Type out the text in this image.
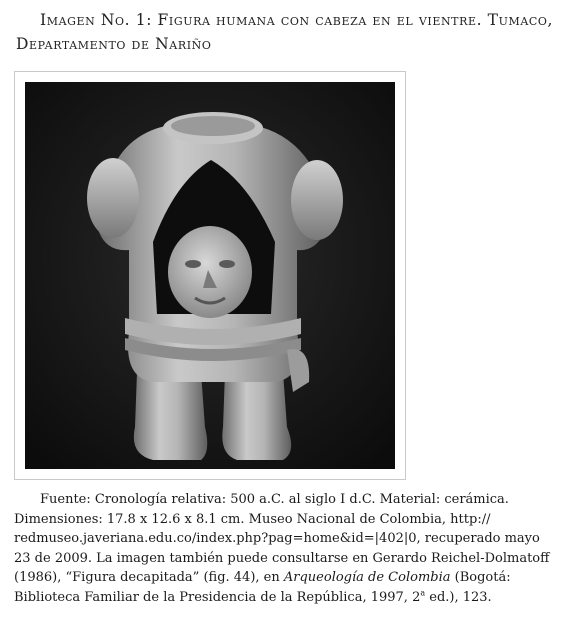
Imagen No. 1: Figura humana con cabeza en el vientre. Tumaco,
Departamento de Nariño
Fuente: Cronología relativa: 500 a.C. al siglo I d.C. Material: cerámica.
Dimensiones: 17.8 x 12.6 x 8.1 cm. Museo Nacional de Colombia, http://
redmuseo.javeriana.edu.co/index.php?pag=home&id=|402|0, recuperado mayo
23 de 2009. La imagen también puede consultarse en Gerardo Reichel-Dolmatoff
(1986), “Figura decapitada” (fig. 44), en Arqueología de Colombia (Bogotá:
Biblioteca Familiar de la Presidencia de la República, 1997, 2$^a$ ed.), 123.
